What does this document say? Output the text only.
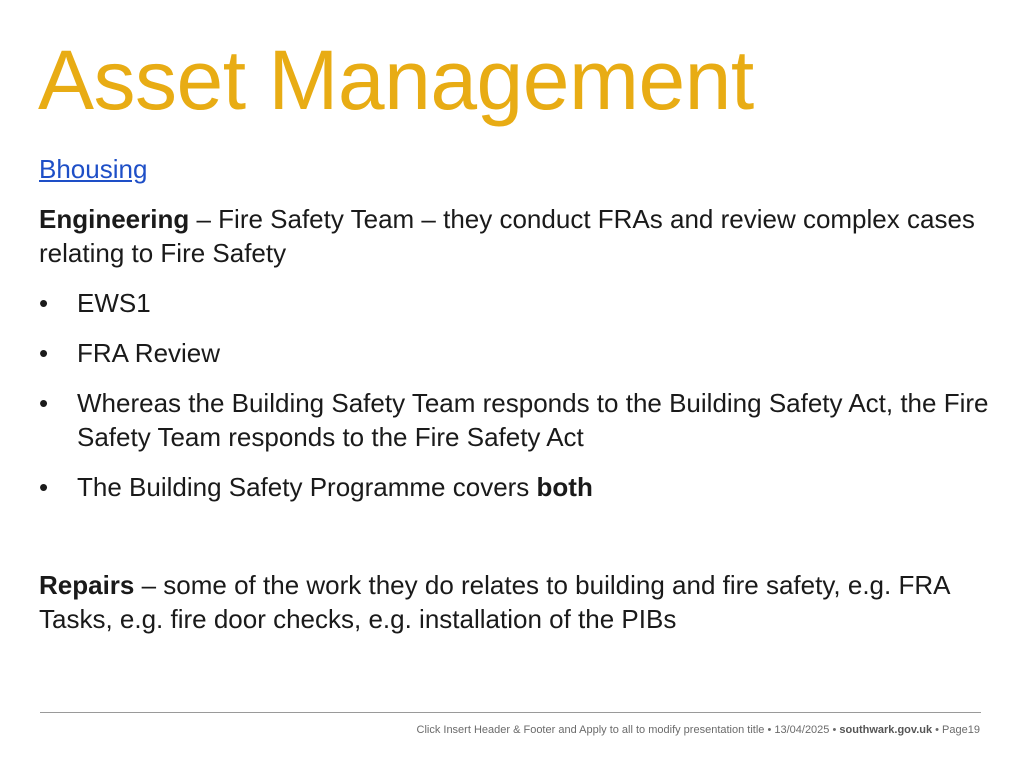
Asset Management
Bhousing

Engineering – Fire Safety Team – they conduct FRAs and review complex cases relating to Fire Safety

• EWS1
• FRA Review
• Whereas the Building Safety Team responds to the Building Safety Act, the Fire Safety Team responds to the Fire Safety Act
• The Building Safety Programme covers both

Repairs – some of the work they do relates to building and fire safety, e.g. FRA Tasks, e.g. fire door checks, e.g. installation of the PIBs

Click Insert Header & Footer and Apply to all to modify presentation title • 13/04/2025 • southwark.gov.uk • Page19
